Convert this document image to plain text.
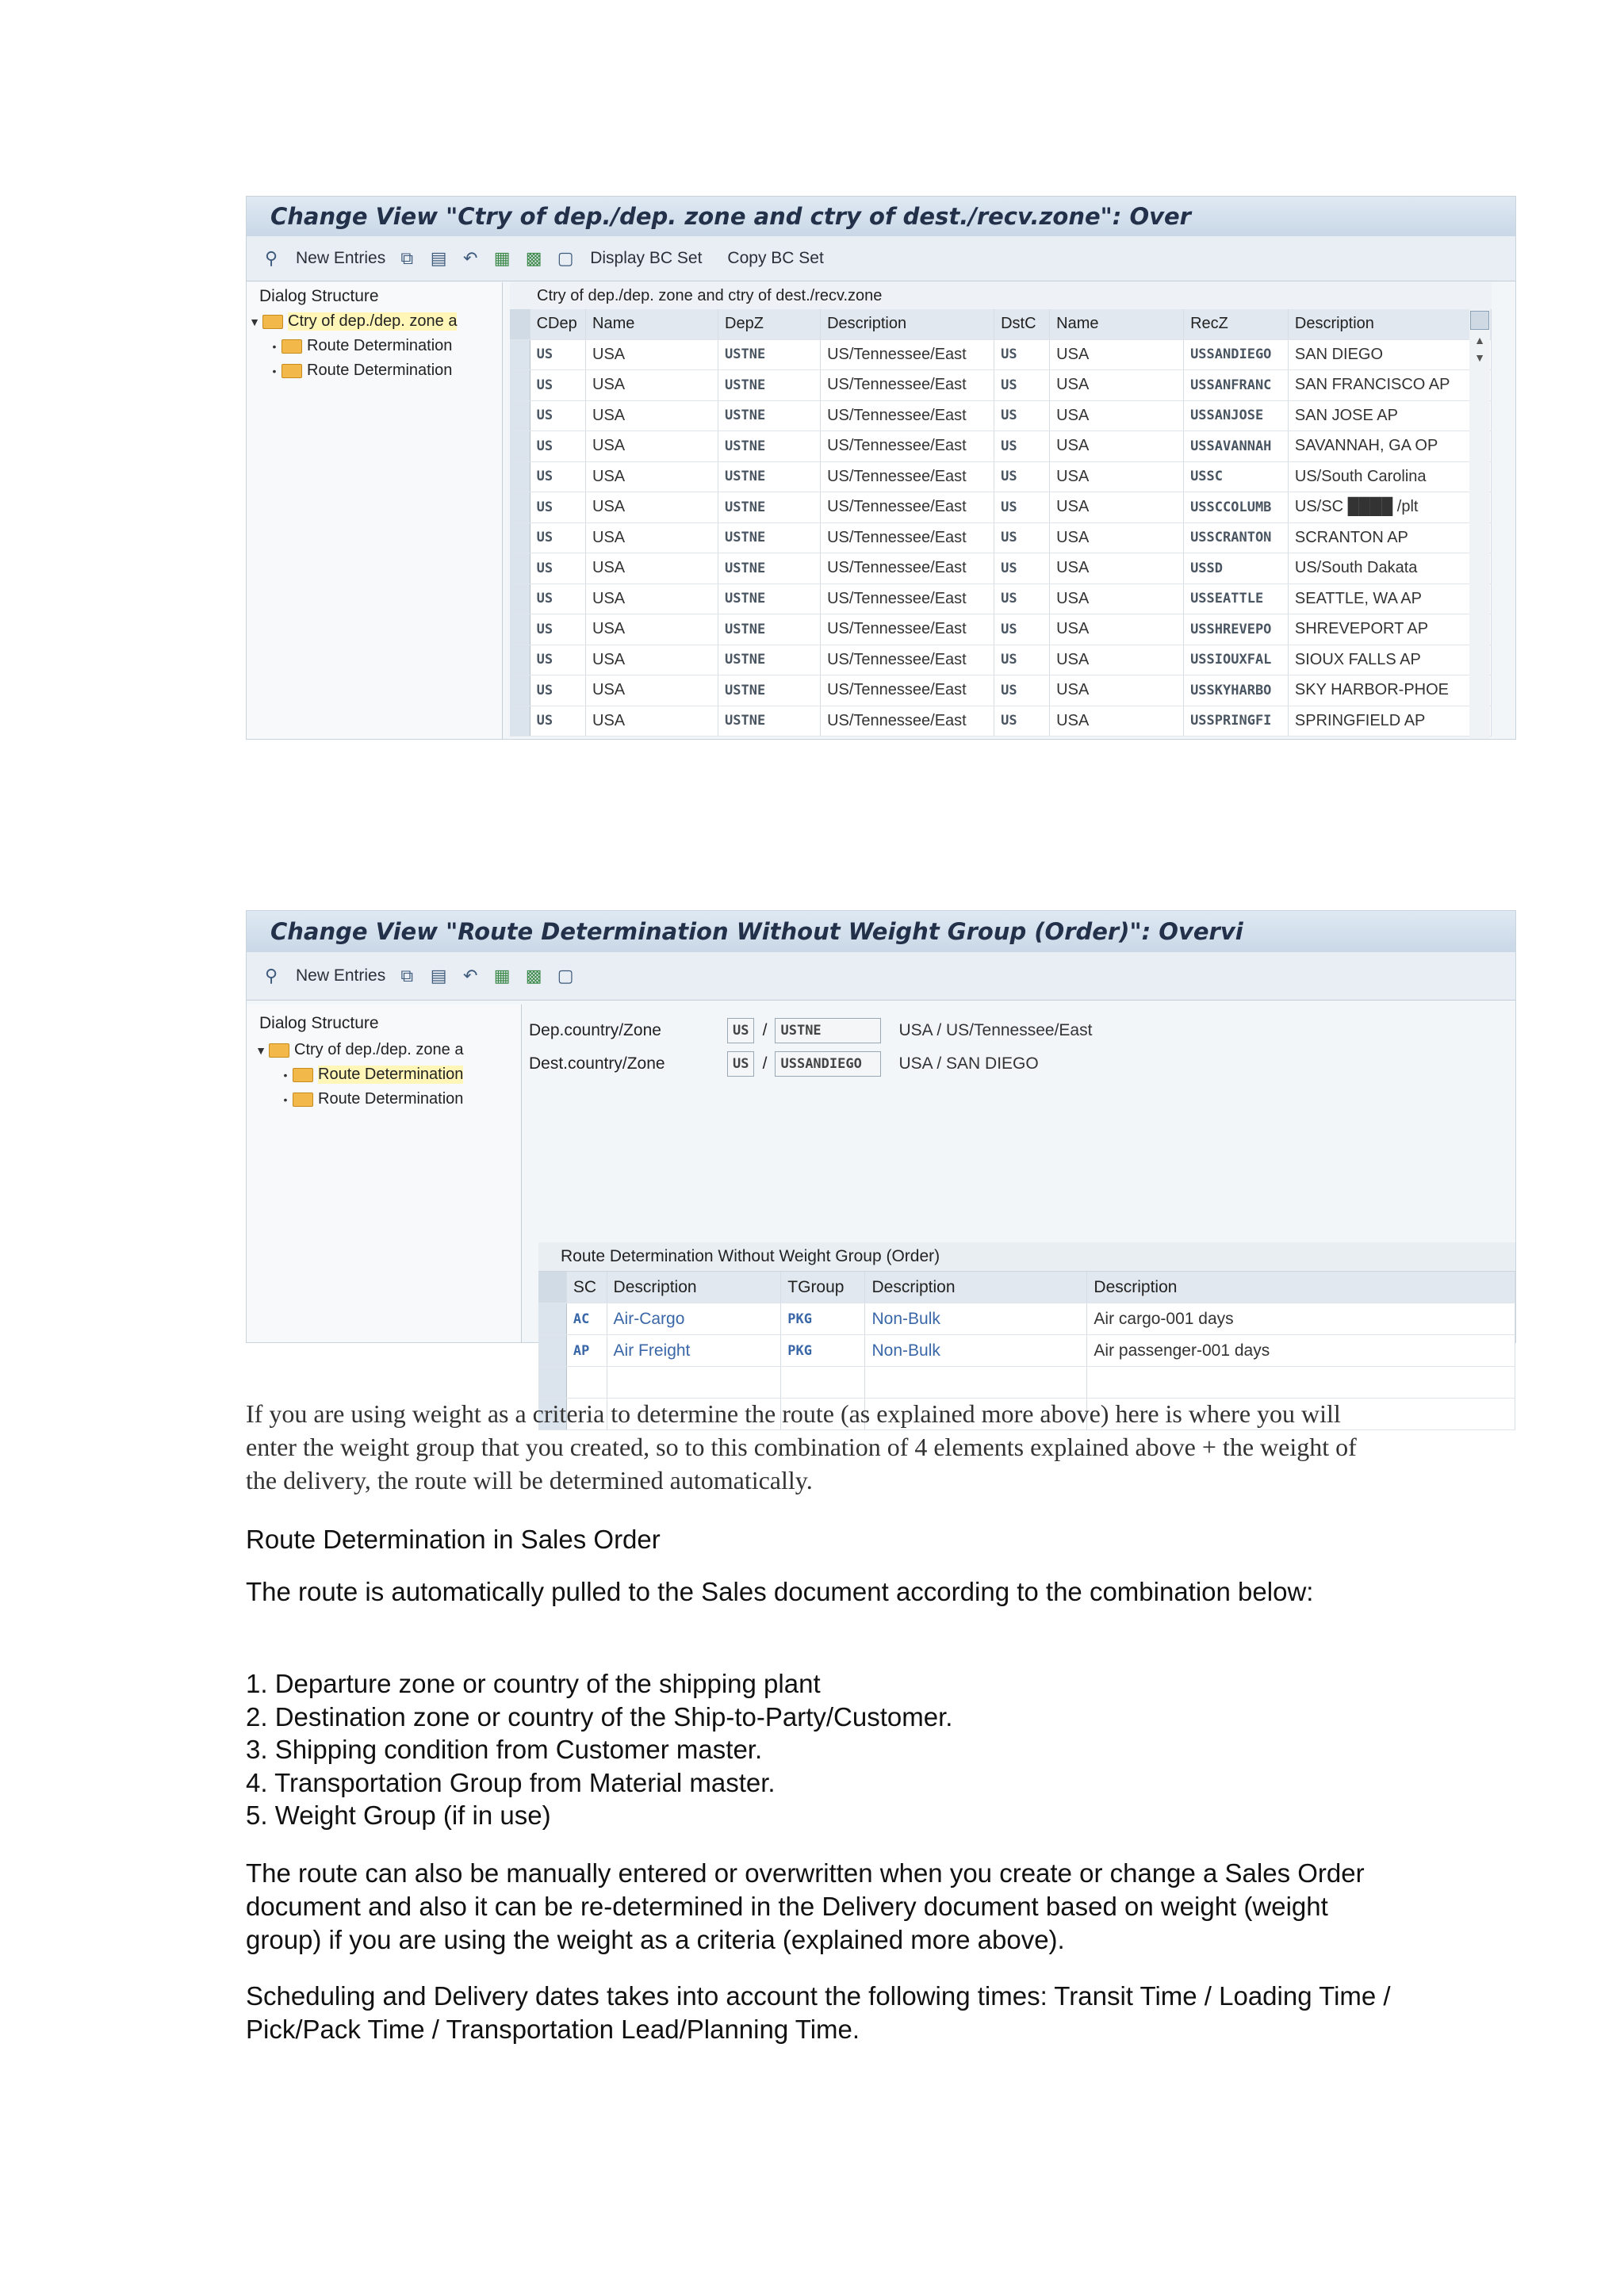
Change View "Ctry of dep./dep. zone and ctry of dest./recv.zone": Over
⚲ New Entries ⧉ ▤ ↶ ▦ ▩ ▢ Display BC Set Copy BC Set
Dialog Structure
▼ Ctry of dep./dep. zone a
•	Route Determination
•	Route Determination
Ctry of dep./dep. zone and ctry of dest./recv.zone
	CDep	Name	DepZ	Description	DstC	Name	RecZ	Description
	US	USA	USTNE	US/Tennessee/East	US	USA	USSANDIEGO	SAN DIEGO
	US	USA	USTNE	US/Tennessee/East	US	USA	USSANFRANC	SAN FRANCISCO AP
	US	USA	USTNE	US/Tennessee/East	US	USA	USSANJOSE	SAN JOSE AP
	US	USA	USTNE	US/Tennessee/East	US	USA	USSAVANNAH	SAVANNAH, GA OP
	US	USA	USTNE	US/Tennessee/East	US	USA	USSC	US/South Carolina
	US	USA	USTNE	US/Tennessee/East	US	USA	USSCCOLUMB	US/SC ████ /plt
	US	USA	USTNE	US/Tennessee/East	US	USA	USSCRANTON	SCRANTON AP
	US	USA	USTNE	US/Tennessee/East	US	USA	USSD	US/South Dakata
	US	USA	USTNE	US/Tennessee/East	US	USA	USSEATTLE	SEATTLE, WA AP
	US	USA	USTNE	US/Tennessee/East	US	USA	USSHREVEPO	SHREVEPORT AP
	US	USA	USTNE	US/Tennessee/East	US	USA	USSIOUXFAL	SIOUX FALLS AP
	US	USA	USTNE	US/Tennessee/East	US	USA	USSKYHARBO	SKY HARBOR-PHOE
	US	USA	USTNE	US/Tennessee/East	US	USA	USSPRINGFI	SPRINGFIELD AP
▲
▼
Change View "Route Determination Without Weight Group (Order)": Overvi
⚲ New Entries ⧉ ▤ ↶ ▦ ▩ ▢
Dialog Structure
▼ Ctry of dep./dep. zone a
•	Route Determination
•	Route Determination
Dep.country/Zone	US /	USTNE	USA / US/Tennessee/East
Dest.country/Zone	US /	USSANDIEGO	USA / SAN DIEGO
Route Determination Without Weight Group (Order)
	SC	Description	TGroup	Description	Description
	AC	Air-Cargo	PKG	Non-Bulk	Air cargo-001 days
	AP	Air Freight	PKG	Non-Bulk	Air passenger-001 days

If you are using weight as a criteria to determine the route (as explained more above) here is where you will enter the weight group that you created, so to this combination of 4 elements explained above + the weight of the delivery, the route will be determined automatically.
Route Determination in Sales Order
The route is automatically pulled to the Sales document according to the combination below:
1. Departure zone or country of the shipping plant
2. Destination zone or country of the Ship-to-Party/Customer.
3. Shipping condition from Customer master.
4. Transportation Group from Material master.
5. Weight Group (if in use)
The route can also be manually entered or overwritten when you create or change a Sales Order document and also it can be re-determined in the Delivery document based on weight (weight group) if you are using the weight as a criteria (explained more above).
Scheduling and Delivery dates takes into account the following times: Transit Time / Loading Time / Pick/Pack Time / Transportation Lead/Planning Time.
